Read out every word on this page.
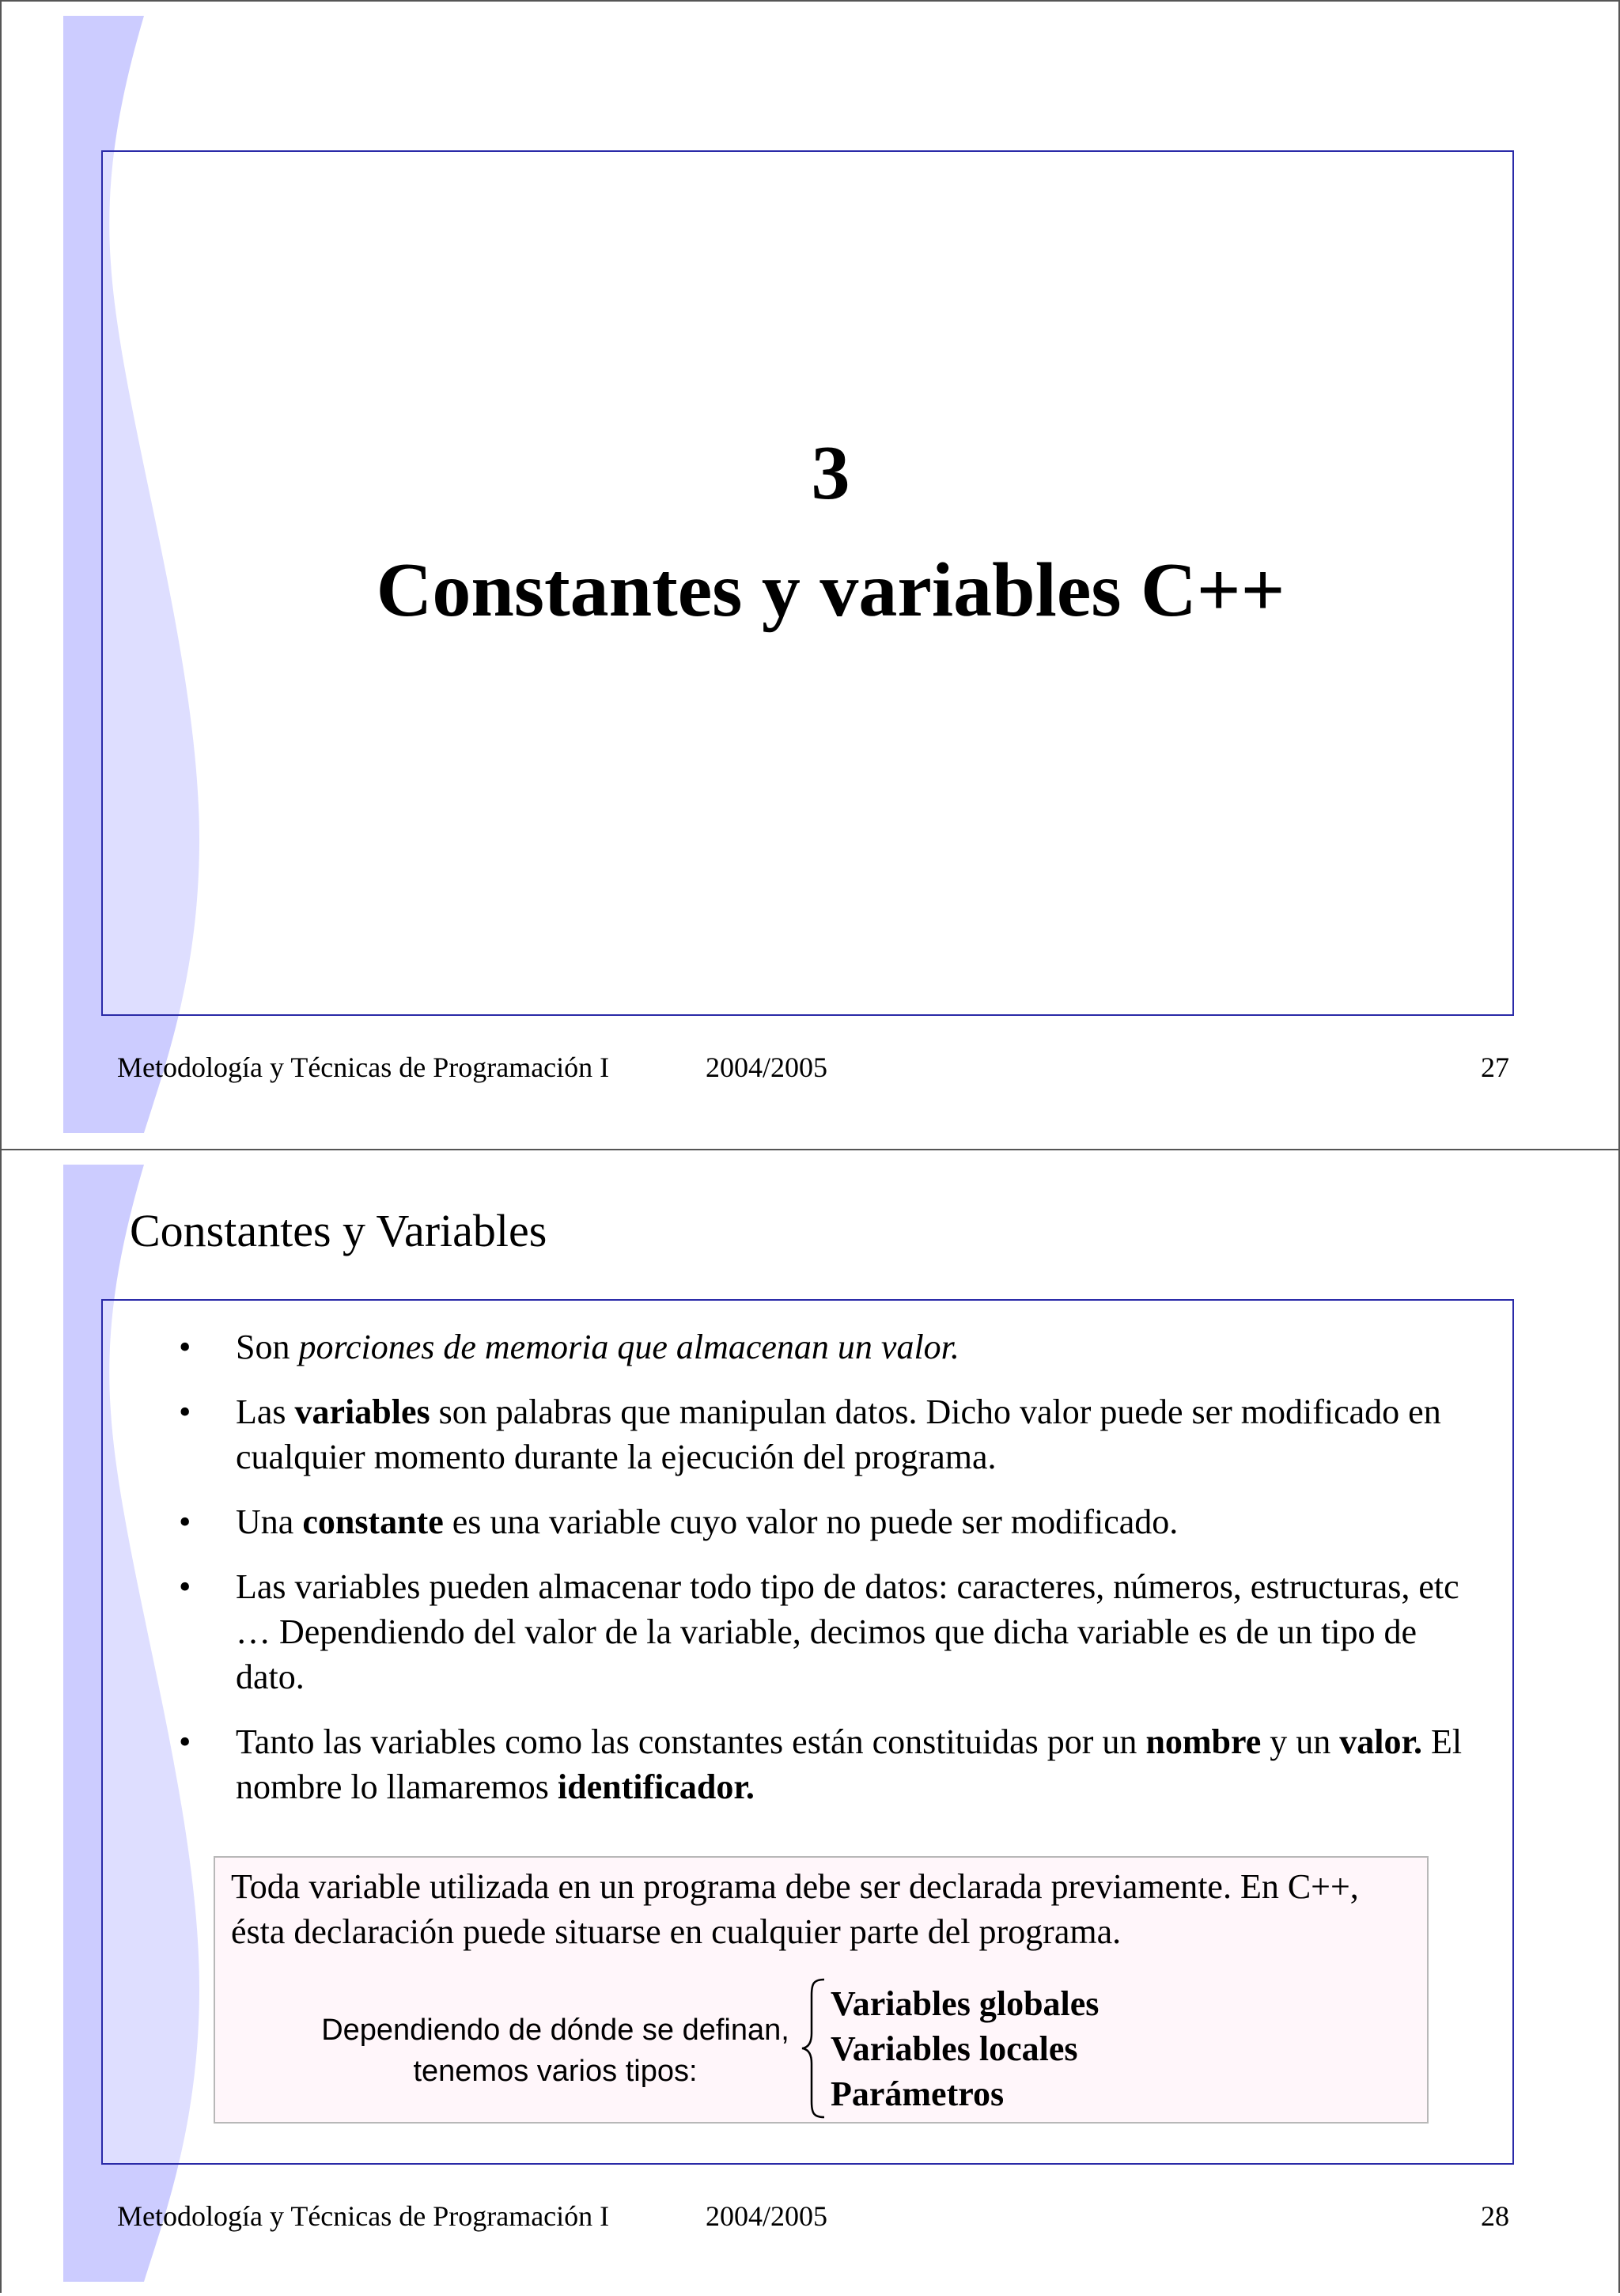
3
Constantes y variables C++
Metodología y Técnicas de Programación I	2004/2005	27
Constantes y Variables
• Son porciones de memoria que almacenan un valor.
• Las variables son palabras que manipulan datos. Dicho valor puede ser modificado en cualquier momento durante la ejecución del programa.
• Una constante es una variable cuyo valor no puede ser modificado.
• Las variables pueden almacenar todo tipo de datos: caracteres, números, estructuras, etc … Dependiendo del valor de la variable, decimos que dicha variable es de un tipo de dato.
• Tanto las variables como las constantes están constituidas por un nombre y un valor. El nombre lo llamaremos identificador.
Toda variable utilizada en un programa debe ser declarada previamente. En C++, ésta declaración puede situarse en cualquier parte del programa.
Dependiendo de dónde se definan,
tenemos varios tipos:
Variables globales
Variables locales
Parámetros
Metodología y Técnicas de Programación I	2004/2005	28
